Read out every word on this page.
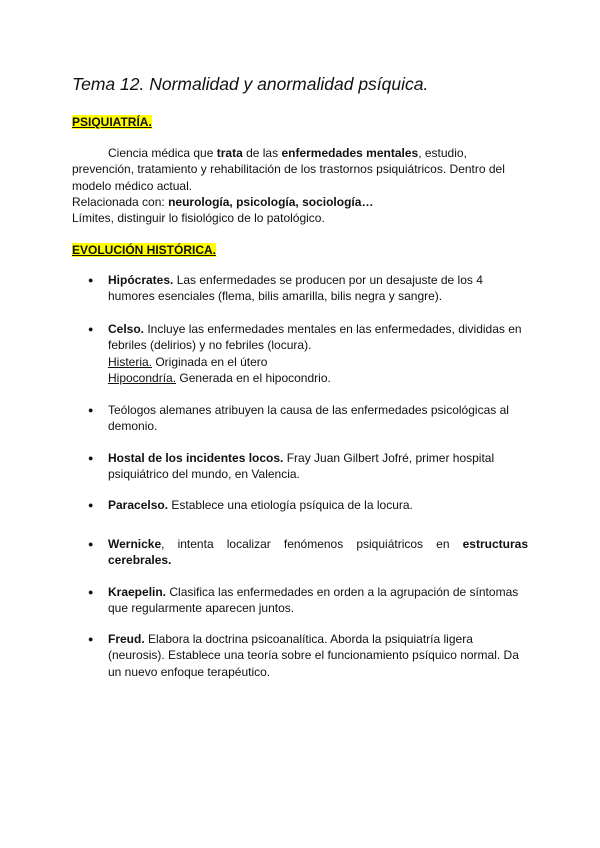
Tema 12. Normalidad y anormalidad psíquica.
PSIQUIATRÍA.
Ciencia médica que trata de las enfermedades mentales, estudio,
prevención, tratamiento y rehabilitación de los trastornos psiquiátricos. Dentro del
modelo médico actual.
Relacionada con: neurología, psicología, sociología…
Límites, distinguir lo fisiológico de lo patológico.
EVOLUCIÓN HISTÓRICA.
● Hipócrates. Las enfermedades se producen por un desajuste de los 4
humores esenciales (flema, bilis amarilla, bilis negra y sangre).
● Celso. Incluye las enfermedades mentales en las enfermedades, divididas en
febriles (delirios) y no febriles (locura).
Histeria. Originada en el útero
Hipocondría. Generada en el hipocondrio.
● Teólogos alemanes atribuyen la causa de las enfermedades psicológicas al
demonio.
● Hostal de los incidentes locos. Fray Juan Gilbert Jofré, primer hospital
psiquiátrico del mundo, en Valencia.
● Paracelso. Establece una etiología psíquica de la locura.
● Wernicke, intenta localizar fenómenos psiquiátricos en estructuras
cerebrales.
● Kraepelin. Clasifica las enfermedades en orden a la agrupación de síntomas
que regularmente aparecen juntos.
● Freud. Elabora la doctrina psicoanalítica. Aborda la psiquiatría ligera
(neurosis). Establece una teoría sobre el funcionamiento psíquico normal. Da
un nuevo enfoque terapéutico.
